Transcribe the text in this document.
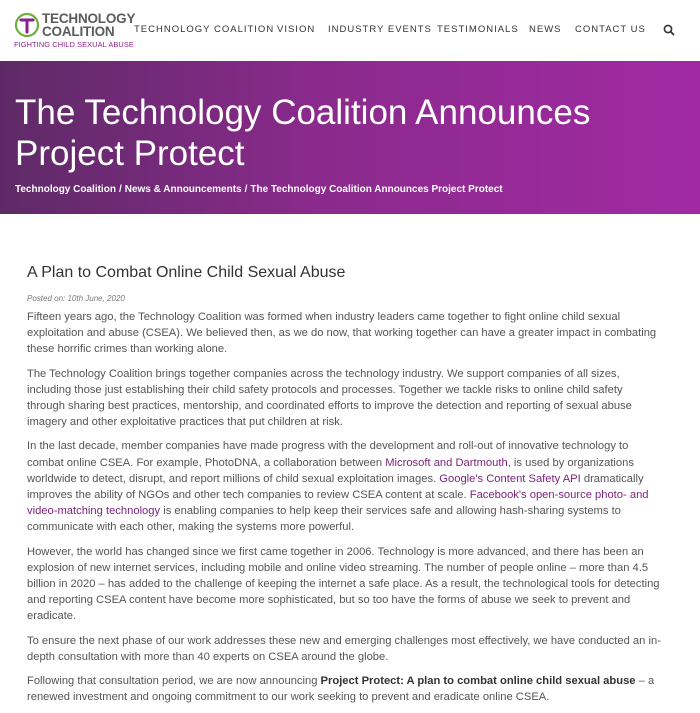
TECHNOLOGY
COALITION
FIGHTING CHILD SEXUAL ABUSE
TECHNOLOGY COALITION VISION INDUSTRY EVENTS TESTIMONIALS NEWS CONTACT US
The Technology Coalition Announces Project Protect
Technology Coalition / News & Announcements / The Technology Coalition Announces Project Protect
A Plan to Combat Online Child Sexual Abuse
Posted on: 10th June, 2020

Fifteen years ago, the Technology Coalition was formed when industry leaders came together to fight online child sexual exploitation and abuse (CSEA). We believed then, as we do now, that working together can have a greater impact in combating these horrific crimes than working alone.

The Technology Coalition brings together companies across the technology industry. We support companies of all sizes, including those just establishing their child safety protocols and processes. Together we tackle risks to online child safety through sharing best practices, mentorship, and coordinated efforts to improve the detection and reporting of sexual abuse imagery and other exploitative practices that put children at risk.

In the last decade, member companies have made progress with the development and roll-out of innovative technology to combat online CSEA. For example, PhotoDNA, a collaboration between Microsoft and Dartmouth, is used by organizations worldwide to detect, disrupt, and report millions of child sexual exploitation images. Google's Content Safety API dramatically improves the ability of NGOs and other tech companies to review CSEA content at scale. Facebook's open-source photo- and video-matching technology is enabling companies to help keep their services safe and allowing hash-sharing systems to communicate with each other, making the systems more powerful.

However, the world has changed since we first came together in 2006. Technology is more advanced, and there has been an explosion of new internet services, including mobile and online video streaming. The number of people online – more than 4.5 billion in 2020 – has added to the challenge of keeping the internet a safe place. As a result, the technological tools for detecting and reporting CSEA content have become more sophisticated, but so too have the forms of abuse we seek to prevent and eradicate.

To ensure the next phase of our work addresses these new and emerging challenges most effectively, we have conducted an in-depth consultation with more than 40 experts on CSEA around the globe.

Following that consultation period, we are now announcing Project Protect: A plan to combat online child sexual abuse – a renewed investment and ongoing commitment to our work seeking to prevent and eradicate online CSEA.
